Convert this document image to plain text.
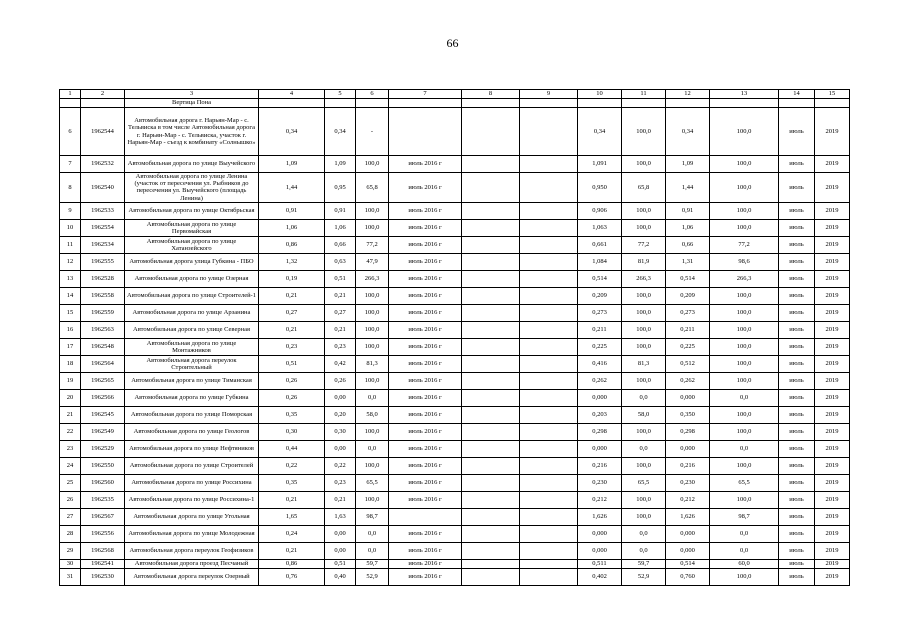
66
1	2	3	4	5	6	7	8	9	10	11	12	13	14	15
		Вертица Пона												
6	1962544	Автомобильная дорога г. Нарьян-Мар - с. Тельвиска в том числе Автомобильная дорога г. Нарьян-Мар - с. Тельвиска, участок г. Нарьян-Мар - съезд к комбинату «Солнышко»	0,34	0,34	-				0,34	100,0	0,34	100,0	июль	2019
7	1962532	Автомобильная дорога по улице Выучейского	1,09	1,09	100,0	июль 2016 г			1,091	100,0	1,09	100,0	июль	2019
8	1962540	Автомобильная дорога по улице Ленина (участок от пересечения ул. Рыбников до пересечения ул. Выучейского (площадь Ленина)	1,44	0,95	65,8	июль 2016 г			0,950	65,8	1,44	100,0	июль	2019
9	1962533	Автомобильная дорога по улице Октябрьская	0,91	0,91	100,0	июль 2016 г			0,906	100,0	0,91	100,0	июль	2019
10	1962554	Автомобильная дорога по улице Первомайская	1,06	1,06	100,0	июль 2016 г			1,063	100,0	1,06	100,0	июль	2019
11	1962534	Автомобильная дорога по улице Хатанзейского	0,86	0,66	77,2	июль 2016 г			0,661	77,2	0,66	77,2	июль	2019
12	1962555	Автомобильная дорога улица Губкина - ПБО	1,32	0,63	47,9	июль 2016 г			1,084	81,9	1,31	98,6	июль	2019
13	1962528	Автомобильная дорога по улице Озерная	0,19	0,51	266,3	июль 2016 г			0,514	266,3	0,514	266,3	июль	2019
14	1962558	Автомобильная дорога по улице Строителей-1	0,21	0,21	100,0	июль 2016 г			0,209	100,0	0,209	100,0	июль	2019
15	1962559	Автомобильная дорога по улице Арзанина	0,27	0,27	100,0	июль 2016 г			0,273	100,0	0,273	100,0	июль	2019
16	1962563	Автомобильная дорога по улице Северная	0,21	0,21	100,0	июль 2016 г			0,211	100,0	0,211	100,0	июль	2019
17	1962548	Автомобильная дорога по улице Монтажников	0,23	0,23	100,0	июль 2016 г			0,225	100,0	0,225	100,0	июль	2019
18	1962564	Автомобильная дорога переулок Строительный	0,51	0,42	81,3	июль 2016 г			0,416	81,3	0,512	100,0	июль	2019
19	1962565	Автомобильная дорога по улице Тиманская	0,26	0,26	100,0	июль 2016 г			0,262	100,0	0,262	100,0	июль	2019
20	1962566	Автомобильная дорога по улице Губкина	0,26	0,00	0,0	июль 2016 г			0,000	0,0	0,000	0,0	июль	2019
21	1962545	Автомобильная дорога по улице Поморская	0,35	0,20	58,0	июль 2016 г			0,203	58,0	0,350	100,0	июль	2019
22	1962549	Автомобильная дорога по улице Геологов	0,30	0,30	100,0	июль 2016 г			0,298	100,0	0,298	100,0	июль	2019
23	1962529	Автомобильная дорога по улице Нефтяников	0,44	0,00	0,0	июль 2016 г			0,000	0,0	0,000	0,0	июль	2019
24	1962550	Автомобильная дорога по улице Строителей	0,22	0,22	100,0	июль 2016 г			0,216	100,0	0,216	100,0	июль	2019
25	1962560	Автомобильная дорога по улице Россихина	0,35	0,23	65,5	июль 2016 г			0,230	65,5	0,230	65,5	июль	2019
26	1962535	Автомобильная дорога по улице Россихина-1	0,21	0,21	100,0	июль 2016 г			0,212	100,0	0,212	100,0	июль	2019
27	1962567	Автомобильная дорога по улице Угольная	1,65	1,63	98,7				1,626	100,0	1,626	98,7	июль	2019
28	1962556	Автомобильная дорога по улице Молодежная	0,24	0,00	0,0	июль 2016 г			0,000	0,0	0,000	0,0	июль	2019
29	1962568	Автомобильная дорога переулок Геофизиков	0,21	0,00	0,0	июль 2016 г			0,000	0,0	0,000	0,0	июль	2019
30	1962541	Автомобильная дорога проезд Песчаный	0,86	0,51	59,7	июль 2016 г			0,511	59,7	0,514	60,0	июль	2019
31	1962530	Автомобильная дорога переулок Озерный	0,76	0,40	52,9	июль 2016 г			0,402	52,9	0,760	100,0	июль	2019
